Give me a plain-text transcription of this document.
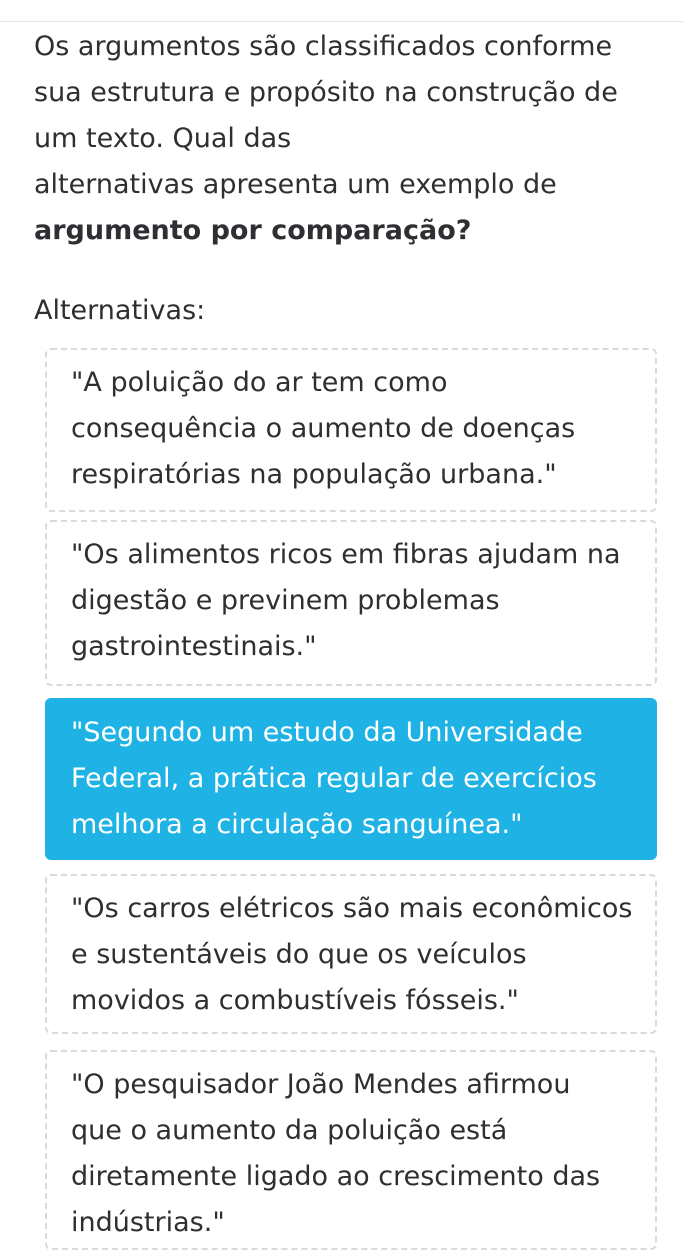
Os argumentos são classificados conforme
sua estrutura e propósito na construção de
um texto. Qual das
alternativas apresenta um exemplo de
argumento por comparação?
Alternativas:
"A poluição do ar tem como
consequência o aumento de doenças
respiratórias na população urbana."
"Os alimentos ricos em fibras ajudam na
digestão e previnem problemas
gastrointestinais."
"Segundo um estudo da Universidade
Federal, a prática regular de exercícios
melhora a circulação sanguínea."
"Os carros elétricos são mais econômicos
e sustentáveis do que os veículos
movidos a combustíveis fósseis."
"O pesquisador João Mendes afirmou
que o aumento da poluição está
diretamente ligado ao crescimento das
indústrias."
